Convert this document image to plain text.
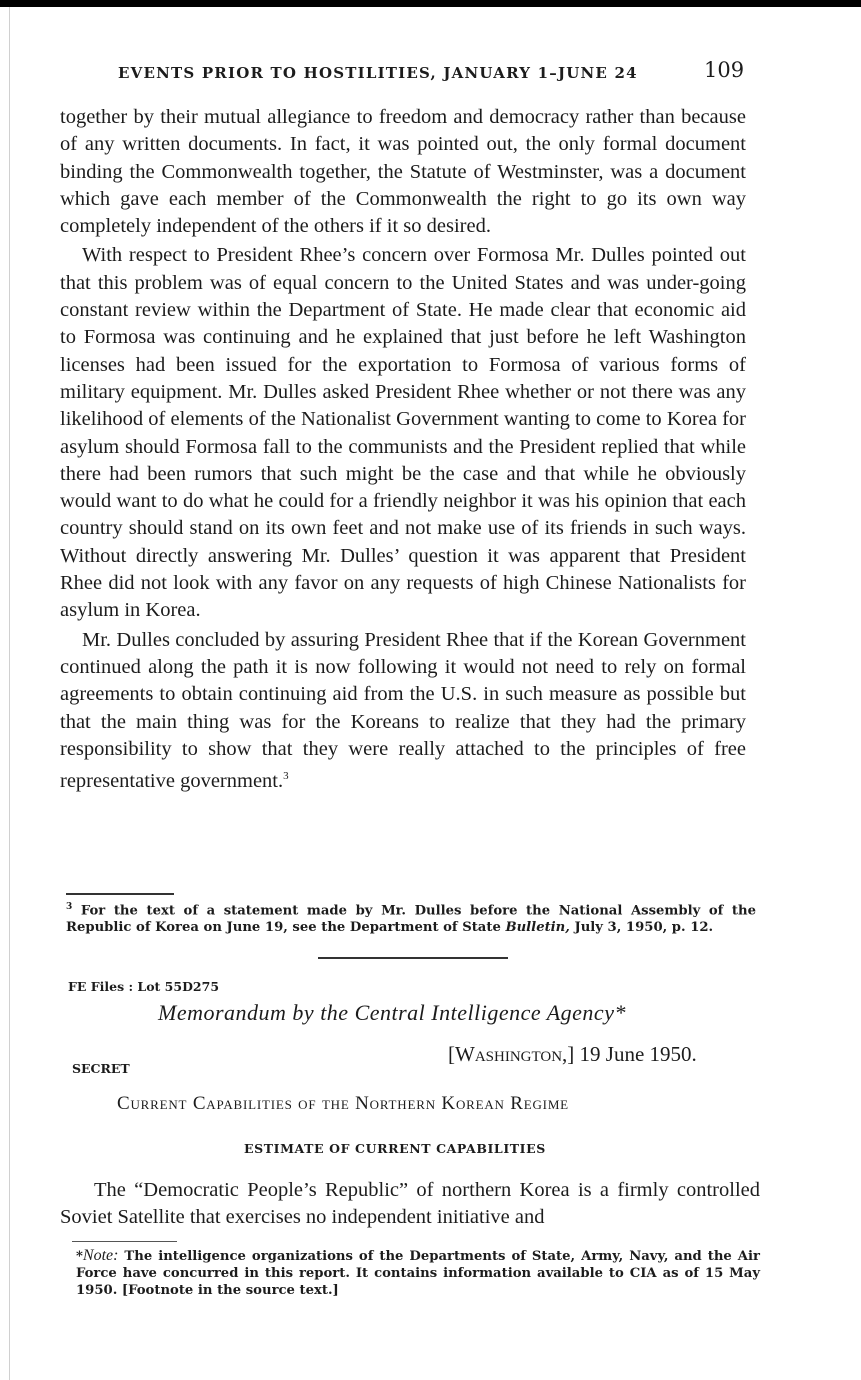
EVENTS PRIOR TO HOSTILITIES, JANUARY 1–JUNE 24	109

together by their mutual allegiance to freedom and democracy rather than because of any written documents. In fact, it was pointed out, the only formal document binding the Commonwealth together, the Statute of Westminster, was a document which gave each member of the Commonwealth the right to go its own way completely independent of the others if it so desired.

With respect to President Rhee’s concern over Formosa Mr. Dulles pointed out that this problem was of equal concern to the United States and was under-going constant review within the Department of State. He made clear that economic aid to Formosa was continuing and he explained that just before he left Washington licenses had been issued for the exportation to Formosa of various forms of military equipment. Mr. Dulles asked President Rhee whether or not there was any likelihood of elements of the Nationalist Government wanting to come to Korea for asylum should Formosa fall to the communists and the President replied that while there had been rumors that such might be the case and that while he obviously would want to do what he could for a friendly neighbor it was his opinion that each country should stand on its own feet and not make use of its friends in such ways. Without directly answering Mr. Dulles’ question it was apparent that President Rhee did not look with any favor on any requests of high Chinese Nationalists for asylum in Korea.

Mr. Dulles concluded by assuring President Rhee that if the Korean Government continued along the path it is now following it would not need to rely on formal agreements to obtain continuing aid from the U.S. in such measure as possible but that the main thing was for the Koreans to realize that they had the primary responsibility to show that they were really attached to the principles of free representative government.$^3$

$^3$ For the text of a statement made by Mr. Dulles before the National Assembly of the Republic of Korea on June 19, see the Department of State Bulletin, July 3, 1950, p. 12.
FE Files : Lot 55D275
Memorandum by the Central Intelligence Agency*
SECRET
[Washington,] 19 June 1950.
Current Capabilities of the Northern Korean Regime
ESTIMATE OF CURRENT CAPABILITIES

The “Democratic People’s Republic” of northern Korea is a firmly controlled Soviet Satellite that exercises no independent initiative and

*Note: The intelligence organizations of the Departments of State, Army, Navy, and the Air Force have concurred in this report. It contains information available to CIA as of 15 May 1950. [Footnote in the source text.]
